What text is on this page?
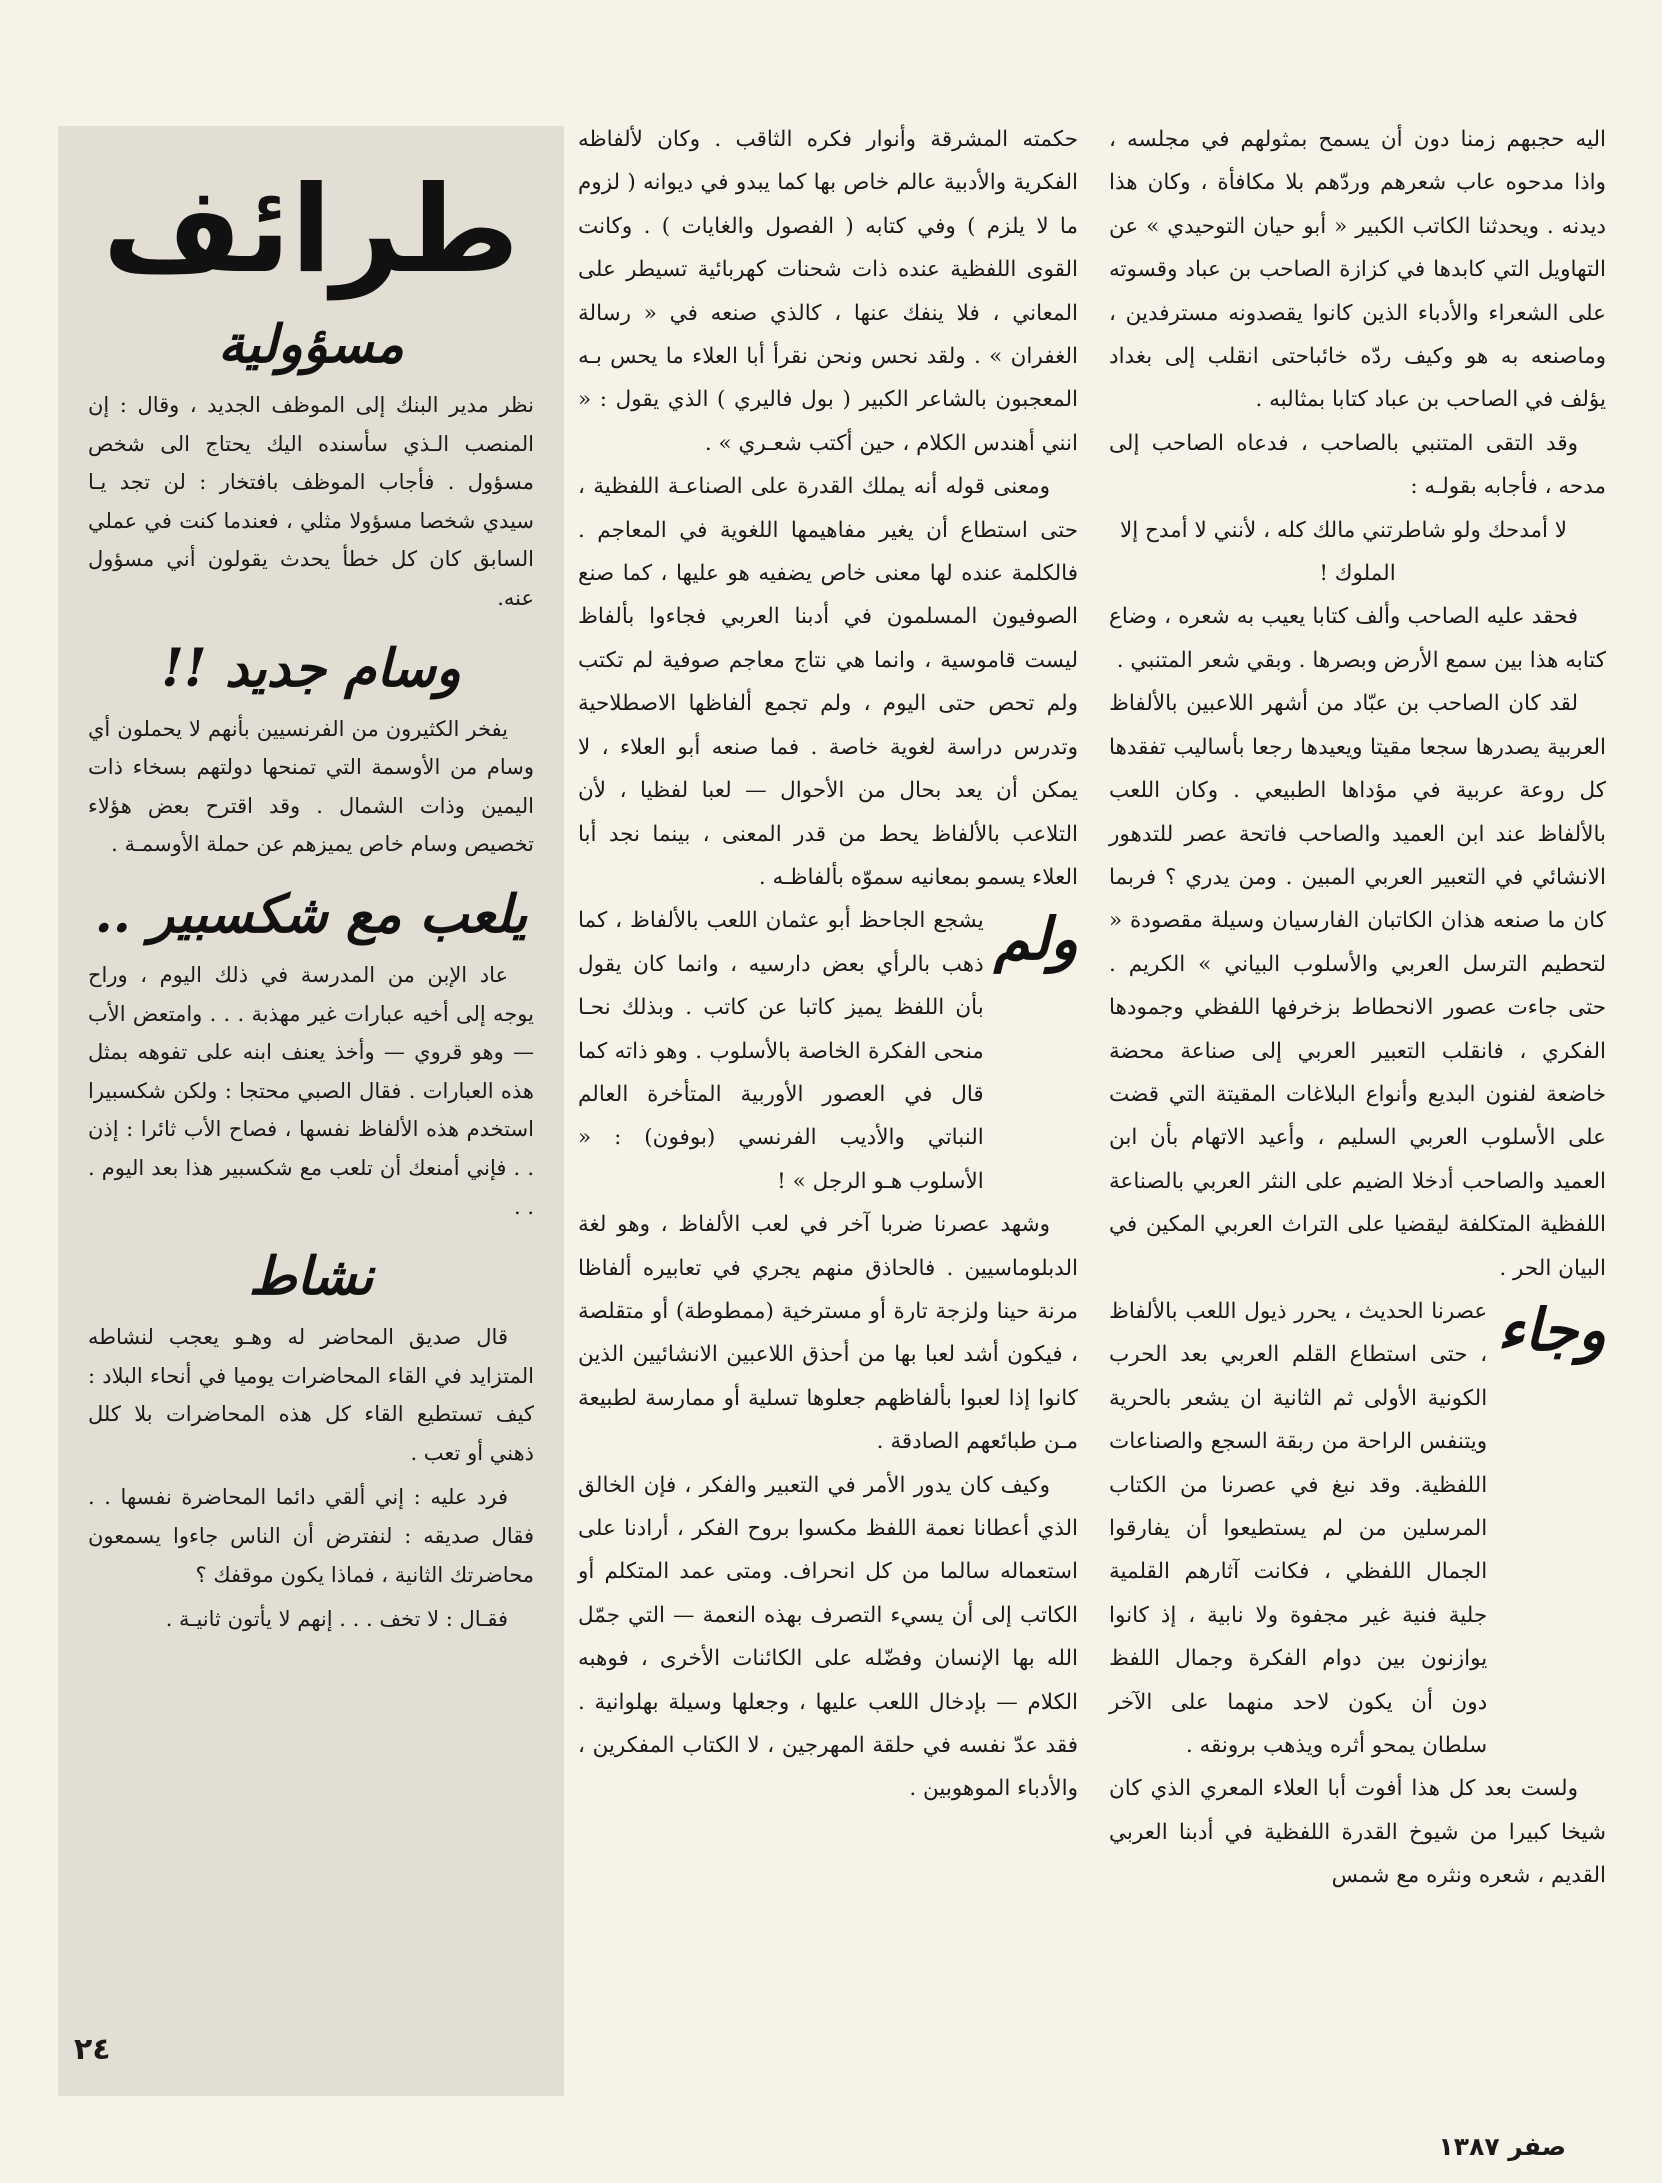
اليه حجبهم زمنا دون أن يسمح بمثولهم في مجلسه ، واذا مدحوه عاب شعرهم وردّهم بلا مكافأة ، وكان هذا ديدنه . ويحدثنا الكاتب الكبير « أبو حيان التوحيدي » عن التهاويل التي كابدها في كزازة الصاحب بن عباد وقسوته على الشعراء والأدباء الذين كانوا يقصدونه مسترفدين ، وماصنعه به هو وكيف ردّه خائباحتى انقلب إلى بغداد يؤلف في الصاحب بن عباد كتابا بمثالبه .

وقد التقى المتنبي بالصاحب ، فدعاه الصاحب إلى مدحه ، فأجابه بقولـه :

لا أمدحك ولو شاطرتني مالك كله ، لأنني لا أمدح إلا الملوك !

فحقد عليه الصاحب وألف كتابا يعيب به شعره ، وضاع كتابه هذا بين سمع الأرض وبصرها . وبقي شعر المتنبي .

لقد كان الصاحب بن عبّاد من أشهر اللاعبين بالألفاظ العربية يصدرها سجعا مقيتا ويعيدها رجعا بأساليب تفقدها كل روعة عربية في مؤداها الطبيعي . وكان اللعب بالألفاظ عند ابن العميد والصاحب فاتحة عصر للتدهور الانشائي في التعبير العربي المبين . ومن يدري ؟ فربما كان ما صنعه هذان الكاتبان الفارسيان وسيلة مقصودة « لتحطيم الترسل العربي والأسلوب البياني » الكريم . حتى جاءت عصور الانحطاط بزخرفها اللفظي وجمودها الفكري ، فانقلب التعبير العربي إلى صناعة محضة خاضعة لفنون البديع وأنواع البلاغات المقيتة التي قضت على الأسلوب العربي السليم ، وأعيد الاتهام بأن ابن العميد والصاحب أدخلا الضيم على النثر العربي بالصناعة اللفظية المتكلفة ليقضيا على التراث العربي المكين في البيان الحر .

وجاء
عصرنا الحديث ، يحرر ذيول اللعب بالألفاظ ، حتى استطاع القلم العربي بعد الحرب الكونية الأولى ثم الثانية ان يشعر بالحرية ويتنفس الراحة من ربقة السجع والصناعات اللفظية. وقد نبغ في عصرنا من الكتاب المرسلين من لم يستطيعوا أن يفارقوا الجمال اللفظي ، فكانت آثارهم القلمية جلية فنية غير مجفوة ولا نابية ، إذ كانوا يوازنون بين دوام الفكرة وجمال اللفظ دون أن يكون لاحد منهما على الآخر سلطان يمحو أثره ويذهب برونقه .

ولست بعد كل هذا أفوت أبا العلاء المعري الذي كان شيخا كبيرا من شيوخ القدرة اللفظية في أدبنا العربي القديم ، شعره ونثره مع شمس

حكمته المشرقة وأنوار فكره الثاقب . وكان لألفاظه الفكرية والأدبية عالم خاص بها كما يبدو في ديوانه ( لزوم ما لا يلزم ) وفي كتابه ( الفصول والغايات ) . وكانت القوى اللفظية عنده ذات شحنات كهربائية تسيطر على المعاني ، فلا ينفك عنها ، كالذي صنعه في « رسالة الغفران » . ولقد نحس ونحن نقرأ أبا العلاء ما يحس بـه المعجبون بالشاعر الكبير ( بول فاليري ) الذي يقول : « انني أهندس الكلام ، حين أكتب شعـري » .

ومعنى قوله أنه يملك القدرة على الصناعـة اللفظية ، حتى استطاع أن يغير مفاهيمها اللغوية في المعاجم . فالكلمة عنده لها معنى خاص يضفيه هو عليها ، كما صنع الصوفيون المسلمون في أدبنا العربي فجاءوا بألفاظ ليست قاموسية ، وانما هي نتاج معاجم صوفية لم تكتب ولم تحص حتى اليوم ، ولم تجمع ألفاظها الاصطلاحية وتدرس دراسة لغوية خاصة . فما صنعه أبو العلاء ، لا يمكن أن يعد بحال من الأحوال — لعبا لفظيا ، لأن التلاعب بالألفاظ يحط من قدر المعنى ، بينما نجد أبا العلاء يسمو بمعانيه سموّه بألفاظـه .

ولم
يشجع الجاحظ أبو عثمان اللعب بالألفاظ ، كما ذهب بالرأي بعض دارسيه ، وانما كان يقول بأن اللفظ يميز كاتبا عن كاتب . وبذلك نحـا منحى الفكرة الخاصة بالأسلوب . وهو ذاته كما قال في العصور الأوربية المتأخرة العالم النباتي والأديب الفرنسي (بوفون) : « الأسلوب هـو الرجل » !

وشهد عصرنا ضربا آخر في لعب الألفاظ ، وهو لغة الدبلوماسيين . فالحاذق منهم يجري في تعابيره ألفاظا مرنة حينا ولزجة تارة أو مسترخية (ممطوطة) أو متقلصة ، فيكون أشد لعبا بها من أحذق اللاعبين الانشائيين الذين كانوا إذا لعبوا بألفاظهم جعلوها تسلية أو ممارسة لطبيعة مـن طبائعهم الصادقة .

وكيف كان يدور الأمر في التعبير والفكر ، فإن الخالق الذي أعطانا نعمة اللفظ مكسوا بروح الفكر ، أرادنا على استعماله سالما من كل انحراف. ومتى عمد المتكلم أو الكاتب إلى أن يسيء التصرف بهذه النعمة — التي جمّل الله بها الإنسان وفضّله على الكائنات الأخرى ، فوهبه الكلام — بإدخال اللعب عليها ، وجعلها وسيلة بهلوانية . فقد عدّ نفسه في حلقة المهرجين ، لا الكتاب المفكرين ، والأدباء الموهوبين .

طرائف
مسؤولية

نظر مدير البنك إلى الموظف الجديد ، وقال : إن المنصب الـذي سأسنده اليك يحتاج الى شخص مسؤول . فأجاب الموظف بافتخار : لن تجد يـا سيدي شخصا مسؤولا مثلي ، فعندما كنت في عملي السابق كان كل خطأ يحدث يقولون أني مسؤول عنه.

وسام جديد !!

يفخر الكثيرون من الفرنسيين بأنهم لا يحملون أي وسام من الأوسمة التي تمنحها دولتهم بسخاء ذات اليمين وذات الشمال . وقد اقترح بعض هؤلاء تخصيص وسام خاص يميزهم عن حملة الأوسمـة .

يلعب مع شكسبير ..

عاد الإبن من المدرسة في ذلك اليوم ، وراح يوجه إلى أخيه عبارات غير مهذبة . . . وامتعض الأب — وهو قروي — وأخذ يعنف ابنه على تفوهه بمثل هذه العبارات . فقال الصبي محتجا : ولكن شكسبيرا استخدم هذه الألفاظ نفسها ، فصاح الأب ثائرا : إذن . . فإني أمنعك أن تلعب مع شكسبير هذا بعد اليوم . . .

نشاط

قال صديق المحاضر له وهـو يعجب لنشاطه المتزايد في القاء المحاضرات يوميا في أنحاء البلاد : كيف تستطيع القاء كل هذه المحاضرات بلا كلل ذهني أو تعب .

فرد عليه : إني ألقي دائما المحاضرة نفسها . . فقال صديقه : لنفترض أن الناس جاءوا يسمعون محاضرتك الثانية ، فماذا يكون موقفك ؟

فقـال : لا تخف . . . إنهم لا يأتون ثانيـة .

٢٤
صفر ١٣٨٧
